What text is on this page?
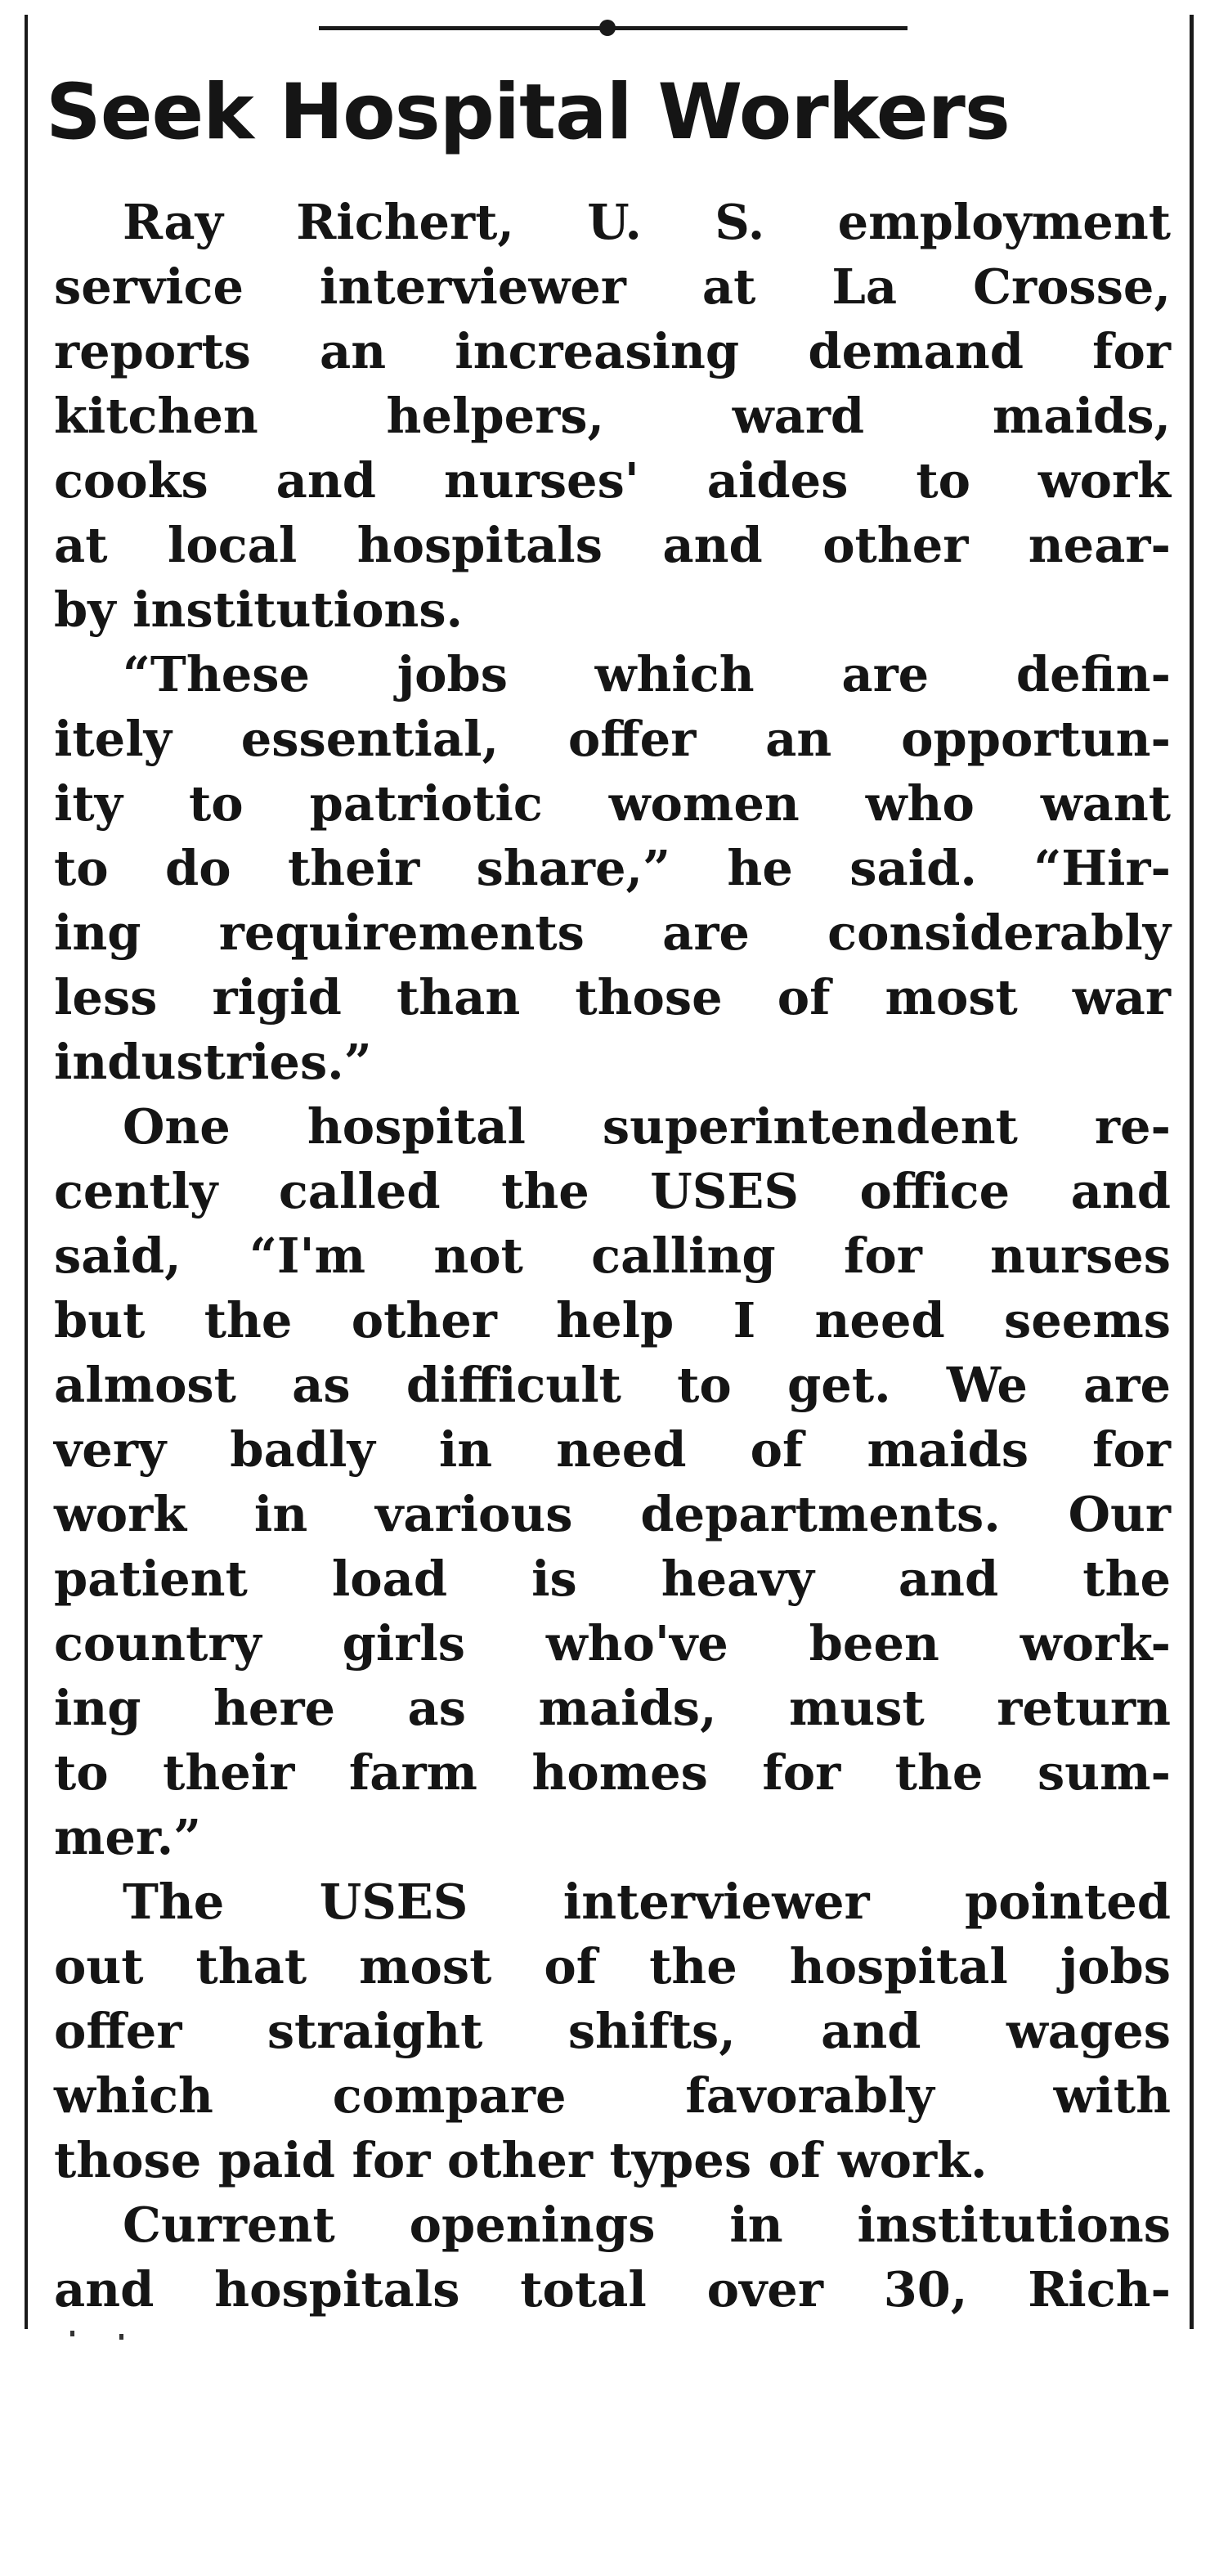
Seek Hospital Workers
Ray Richert, U. S. employment
service interviewer at La Crosse,
reports an increasing demand for
kitchen helpers, ward maids,
cooks and nurses' aides to work
at local hospitals and other near-
by institutions.
“These jobs which are defin-
itely essential, offer an opportun-
ity to patriotic women who want
to do their share,” he said. “Hir-
ing requirements are considerably
less rigid than those of most war
industries.”
One hospital superintendent re-
cently called the USES office and
said, “I'm not calling for nurses
but the other help I need seems
almost as difficult to get. We are
very badly in need of maids for
work in various departments. Our
patient load is heavy and the
country girls who've been work-
ing here as maids, must return
to their farm homes for the sum-
mer.”
The USES interviewer pointed
out that most of the hospital jobs
offer straight shifts, and wages
which compare favorably with
those paid for other types of work.
Current openings in institutions
and hospitals total over 30, Rich-
